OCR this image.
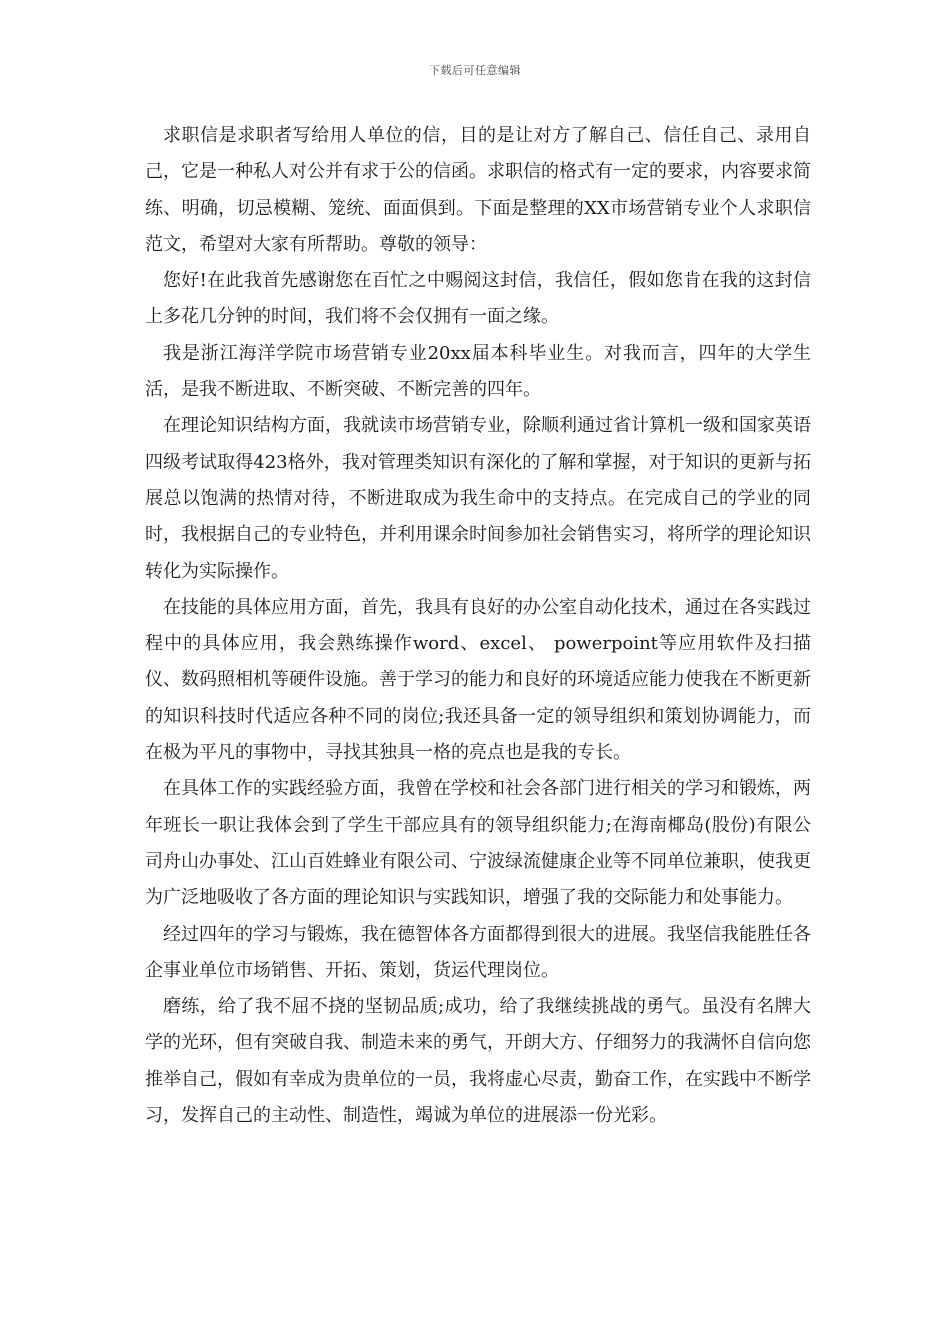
下载后可任意编辑

求职信是求职者写给用人单位的信，目的是让对方了解自己、信任自己、录用自己，它是一种私人对公并有求于公的信函。求职信的格式有一定的要求，内容要求简练、明确，切忌模糊、笼统、面面俱到。下面是整理的XX市场营销专业个人求职信范文，希望对大家有所帮助。尊敬的领导：

您好!在此我首先感谢您在百忙之中赐阅这封信，我信任，假如您肯在我的这封信上多花几分钟的时间，我们将不会仅拥有一面之缘。

我是浙江海洋学院市场营销专业20xx届本科毕业生。对我而言，四年的大学生活，是我不断进取、不断突破、不断完善的四年。

在理论知识结构方面，我就读市场营销专业，除顺利通过省计算机一级和国家英语四级考试取得423格外，我对管理类知识有深化的了解和掌握，对于知识的更新与拓展总以饱满的热情对待，不断进取成为我生命中的支持点。在完成自己的学业的同时，我根据自己的专业特色，并利用课余时间参加社会销售实习，将所学的理论知识转化为实际操作。

在技能的具体应用方面，首先，我具有良好的办公室自动化技术，通过在各实践过程中的具体应用，我会熟练操作word、excel、 powerpoint等应用软件及扫描仪、数码照相机等硬件设施。善于学习的能力和良好的环境适应能力使我在不断更新的知识科技时代适应各种不同的岗位;我还具备一定的领导组织和策划协调能力，而在极为平凡的事物中，寻找其独具一格的亮点也是我的专长。

在具体工作的实践经验方面，我曾在学校和社会各部门进行相关的学习和锻炼，两年班长一职让我体会到了学生干部应具有的领导组织能力;在海南椰岛(股份)有限公司舟山办事处、江山百姓蜂业有限公司、宁波绿流健康企业等不同单位兼职，使我更为广泛地吸收了各方面的理论知识与实践知识，增强了我的交际能力和处事能力。

经过四年的学习与锻炼，我在德智体各方面都得到很大的进展。我坚信我能胜任各企事业单位市场销售、开拓、策划，货运代理岗位。

磨练，给了我不屈不挠的坚韧品质;成功，给了我继续挑战的勇气。虽没有名牌大学的光环，但有突破自我、制造未来的勇气，开朗大方、仔细努力的我满怀自信向您推举自己，假如有幸成为贵单位的一员，我将虚心尽责，勤奋工作，在实践中不断学习，发挥自己的主动性、制造性，竭诚为单位的进展添一份光彩。
